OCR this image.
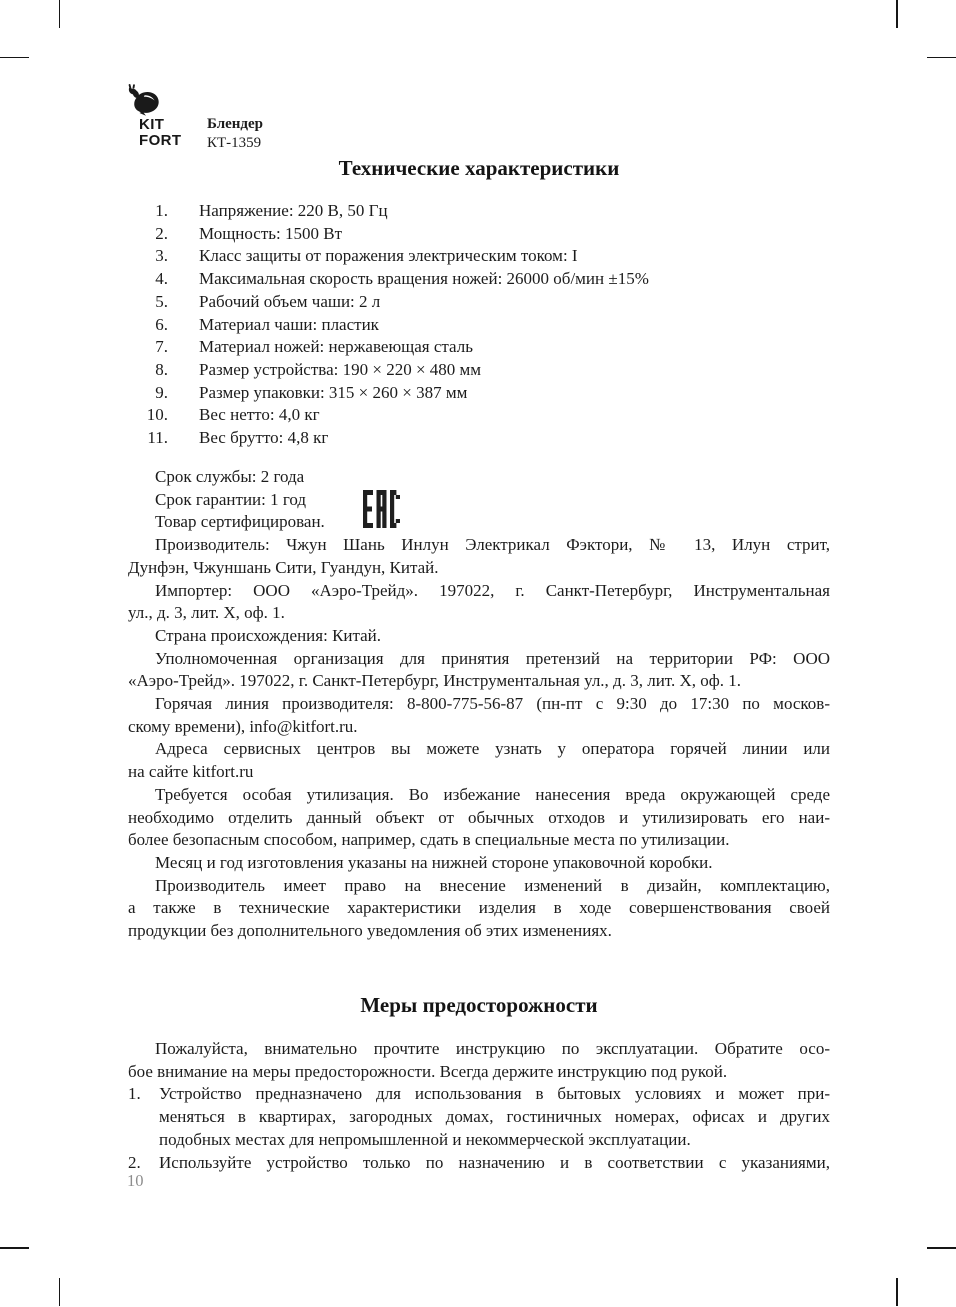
KIT
FORT
Блендер
КТ-1359
Технические характеристики
1.	Напряжение: 220 В, 50 Гц
2.	Мощность: 1500 Вт
3.	Класс защиты от поражения электрическим током: I
4.	Максимальная скорость вращения ножей: 26000 об/мин ±15%
5.	Рабочий объем чаши: 2 л
6.	Материал чаши: пластик
7.	Материал ножей: нержавеющая сталь
8.	Размер устройства: 190 × 220 × 480 мм
9.	Размер упаковки: 315 × 260 × 387 мм
10.	Вес нетто: 4,0 кг
11.	Вес брутто: 4,8 кг
Срок службы: 2 года
Срок гарантии: 1 год
Товар сертифицирован.
Производитель: Чжун Шань Инлун Электрикал Фэктори, № 13, Илун стрит,
Дунфэн, Чжуншань Сити, Гуандун, Китай.
Импортер: ООО «Аэро-Трейд». 197022, г. Санкт-Петербург, Инструментальная
ул., д. 3, лит. Х, оф. 1.
Страна происхождения: Китай.
Уполномоченная организация для принятия претензий на территории РФ: ООО
«Аэро-Трейд». 197022, г. Санкт-Петербург, Инструментальная ул., д. 3, лит. Х, оф. 1.
Горячая линия производителя: 8-800-775-56-87 (пн-пт с 9:30 до 17:30 по москов-
скому времени), info@kitfort.ru.
Адреса сервисных центров вы можете узнать у оператора горячей линии или
на сайте kitfort.ru
Требуется особая утилизация. Во избежание нанесения вреда окружающей среде
необходимо отделить данный объект от обычных отходов и утилизировать его наи-
более безопасным способом, например, сдать в специальные места по утилизации.
Месяц и год изготовления указаны на нижней стороне упаковочной коробки.
Производитель имеет право на внесение изменений в дизайн, комплектацию,
а также в технические характеристики изделия в ходе совершенствования своей
продукции без дополнительного уведомления об этих изменениях.
Меры предосторожности
Пожалуйста, внимательно прочтите инструкцию по эксплуатации. Обратите осо-
бое внимание на меры предосторожности. Всегда держите инструкцию под рукой.
1.	Устройство предназначено для использования в бытовых условиях и может при-
меняться в квартирах, загородных домах, гостиничных номерах, офисах и других
подобных местах для непромышленной и некоммерческой эксплуатации.
2.	Используйте устройство только по назначению и в соответствии с указаниями,
10
